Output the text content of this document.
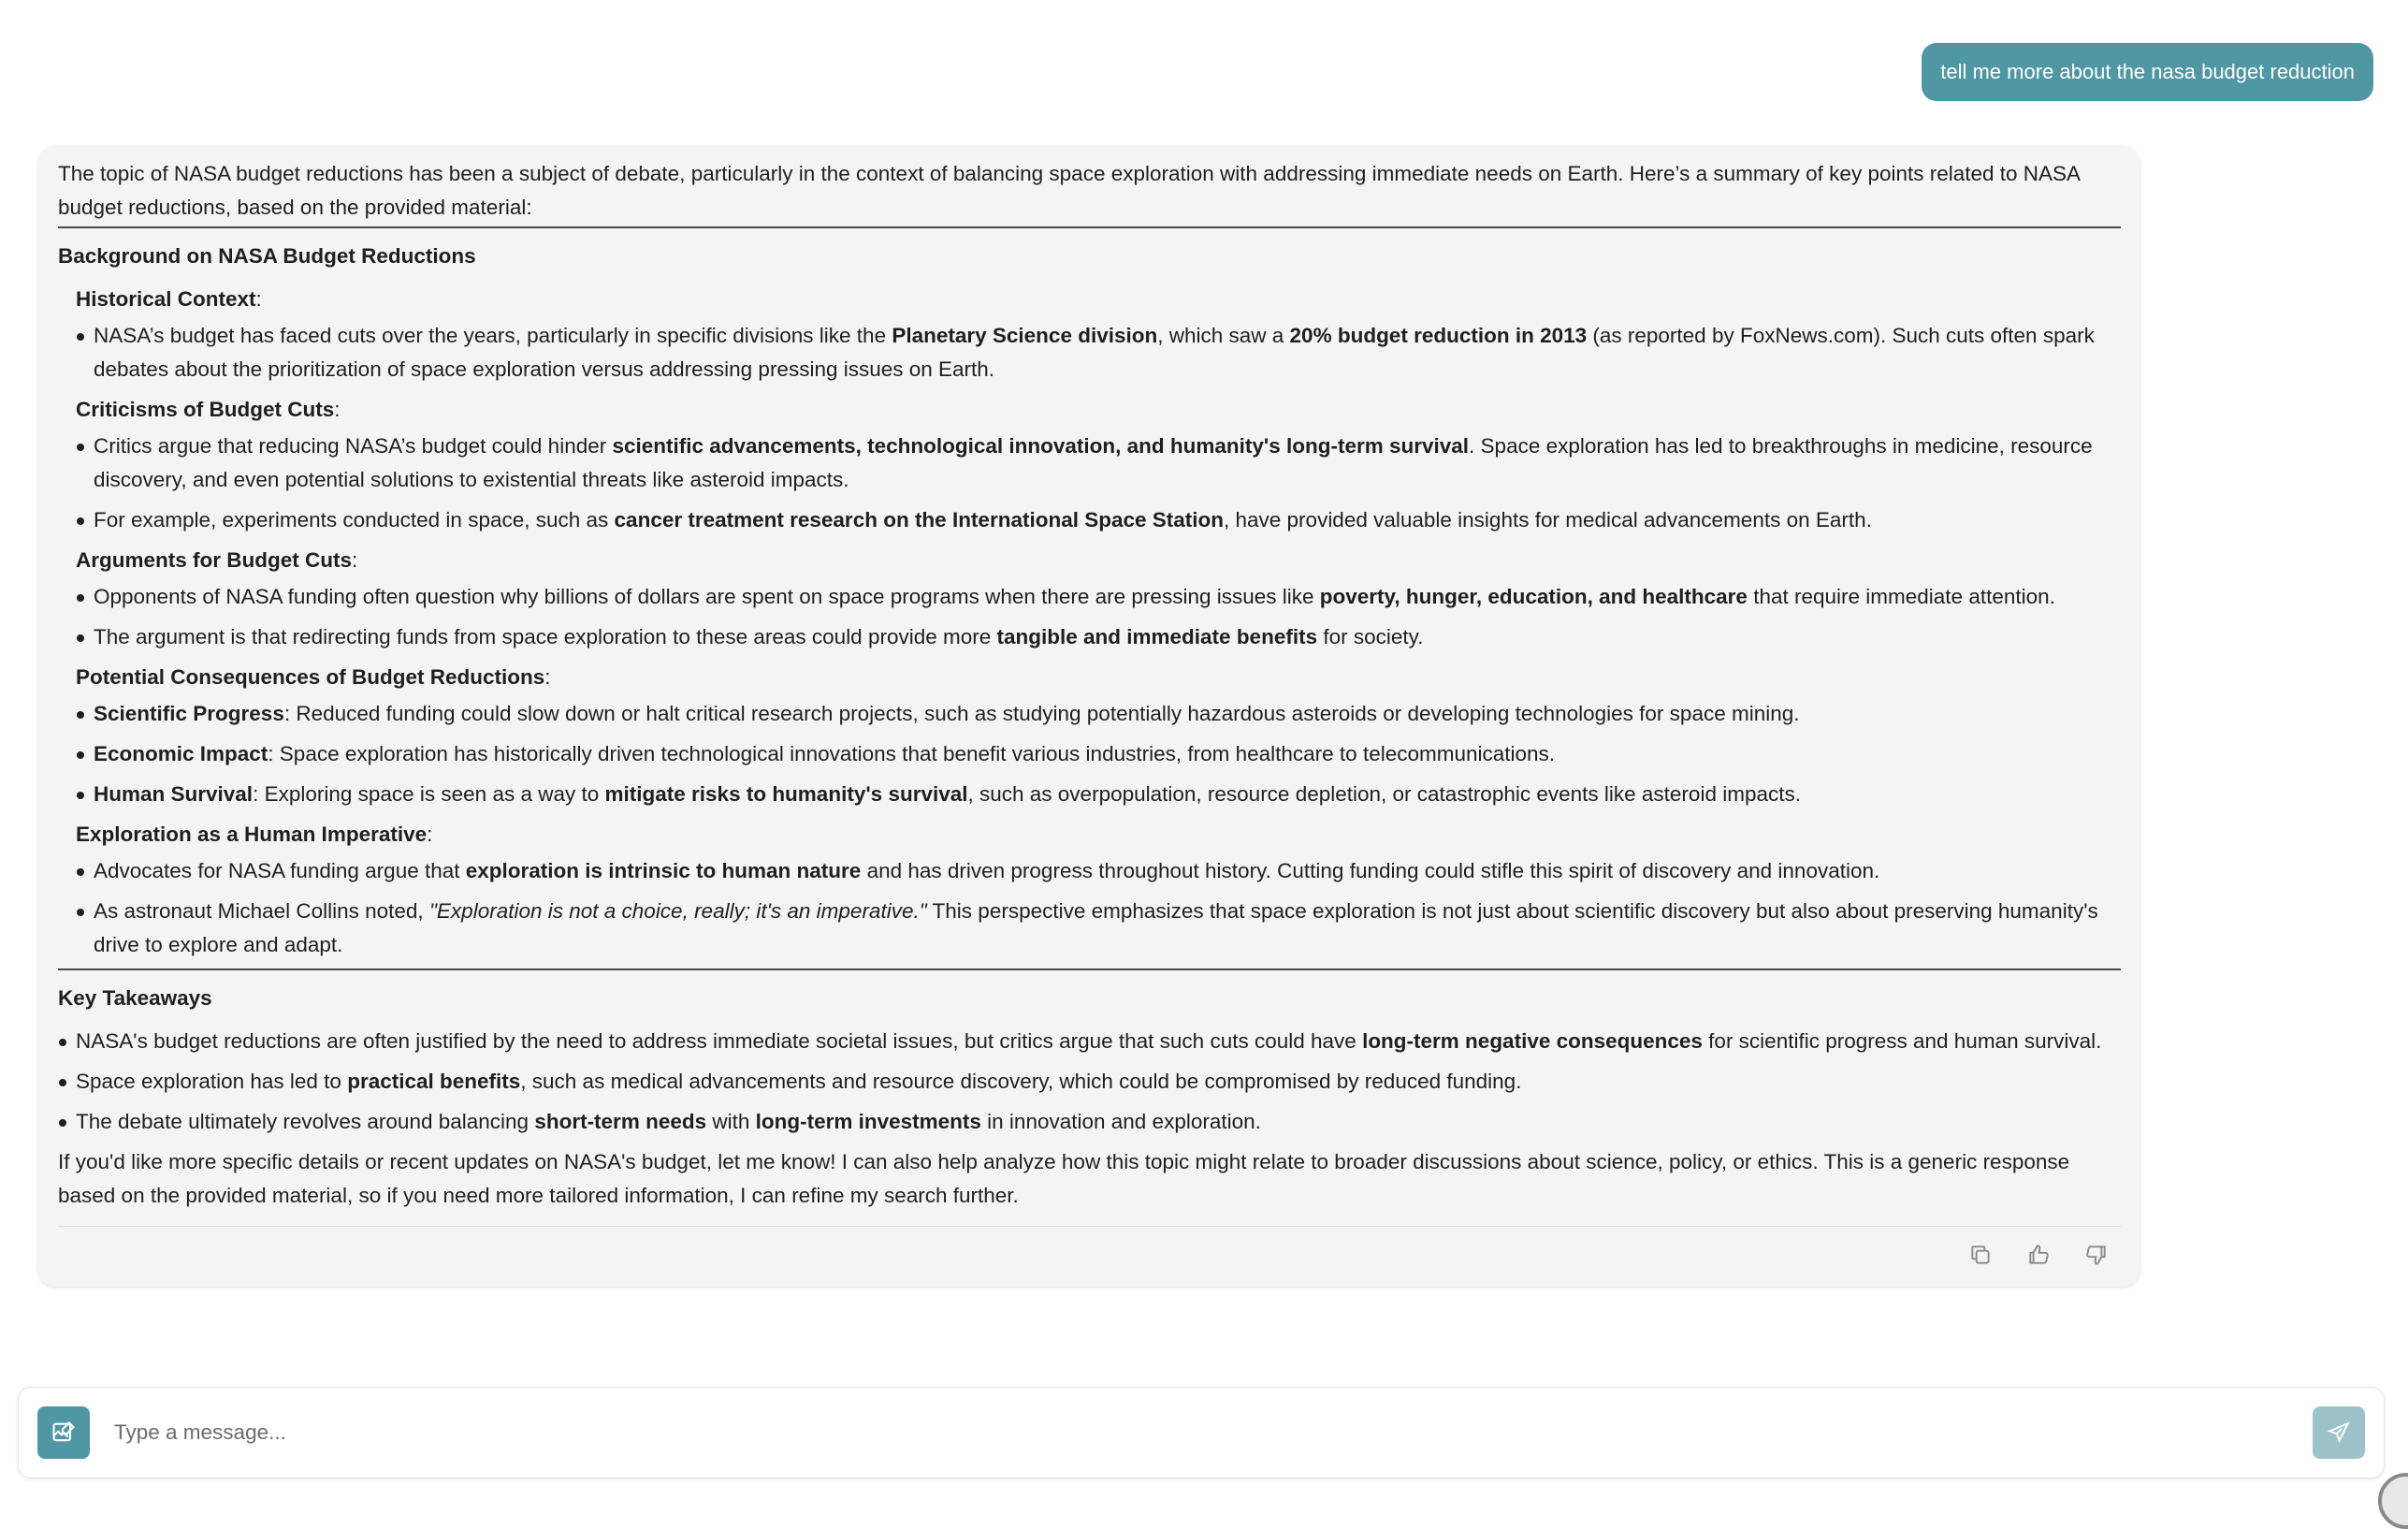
tell me more about the nasa budget reduction

The topic of NASA budget reductions has been a subject of debate, particularly in the context of balancing space exploration with addressing immediate needs on Earth. Here’s a summary of key points related to NASA budget reductions, based on the provided material:

Background on NASA Budget Reductions

Historical Context:

NASA’s budget has faced cuts over the years, particularly in specific divisions like the Planetary Science division, which saw a 20% budget reduction in 2013 (as reported by FoxNews.com). Such cuts often spark debates about the prioritization of space exploration versus addressing pressing issues on Earth.

Criticisms of Budget Cuts:

Critics argue that reducing NASA’s budget could hinder scientific advancements, technological innovation, and humanity's long-term survival. Space exploration has led to breakthroughs in medicine, resource discovery, and even potential solutions to existential threats like asteroid impacts.
For example, experiments conducted in space, such as cancer treatment research on the International Space Station, have provided valuable insights for medical advancements on Earth.

Arguments for Budget Cuts:

Opponents of NASA funding often question why billions of dollars are spent on space programs when there are pressing issues like poverty, hunger, education, and healthcare that require immediate attention.
The argument is that redirecting funds from space exploration to these areas could provide more tangible and immediate benefits for society.

Potential Consequences of Budget Reductions:

Scientific Progress: Reduced funding could slow down or halt critical research projects, such as studying potentially hazardous asteroids or developing technologies for space mining.
Economic Impact: Space exploration has historically driven technological innovations that benefit various industries, from healthcare to telecommunications.
Human Survival: Exploring space is seen as a way to mitigate risks to humanity's survival, such as overpopulation, resource depletion, or catastrophic events like asteroid impacts.

Exploration as a Human Imperative:

Advocates for NASA funding argue that exploration is intrinsic to human nature and has driven progress throughout history. Cutting funding could stifle this spirit of discovery and innovation.
As astronaut Michael Collins noted, "Exploration is not a choice, really; it's an imperative." This perspective emphasizes that space exploration is not just about scientific discovery but also about preserving humanity's drive to explore and adapt.

Key Takeaways

NASA's budget reductions are often justified by the need to address immediate societal issues, but critics argue that such cuts could have long-term negative consequences for scientific progress and human survival.
Space exploration has led to practical benefits, such as medical advancements and resource discovery, which could be compromised by reduced funding.
The debate ultimately revolves around balancing short-term needs with long-term investments in innovation and exploration.

If you'd like more specific details or recent updates on NASA's budget, let me know! I can also help analyze how this topic might relate to broader discussions about science, policy, or ethics. This is a generic response based on the provided material, so if you need more tailored information, I can refine my search further.

Type a message...
